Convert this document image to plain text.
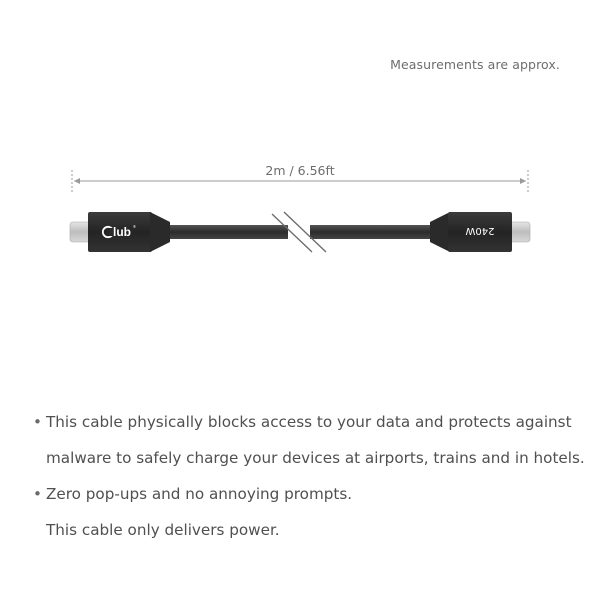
Measurements are approx.
lub ®	240W
2m / 6.56ft
• This cable physically blocks access to your data and protects against
malware to safely charge your devices at airports, trains and in hotels.
• Zero pop-ups and no annoying prompts.
This cable only delivers power.
